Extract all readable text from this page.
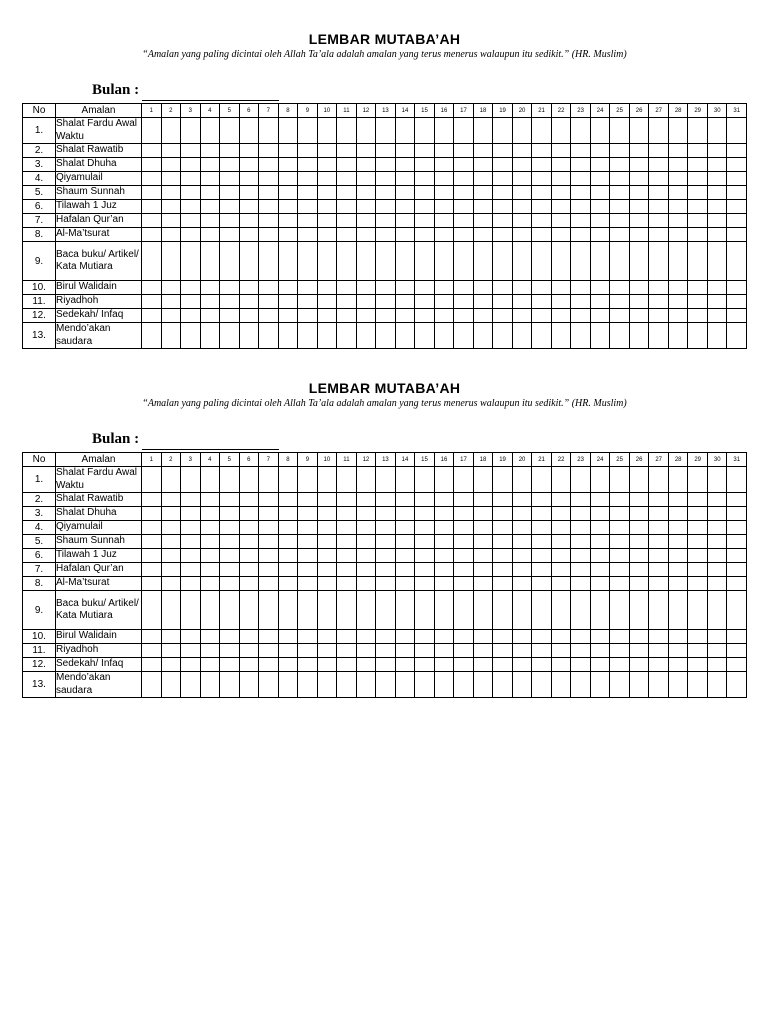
LEMBAR MUTABA’AH
“Amalan yang paling dicintai oleh Allah Ta’ala adalah amalan yang terus menerus walaupun itu sedikit.” (HR. Muslim)
Bulan :
No	Amalan	1	2	3	4	5	6	7	8	9	10	11	12	13	14	15	16	17	18	19	20	21	22	23	24	25	26	27	28	29	30	31
1.	Shalat Fardu Awal Waktu																															
2.	Shalat Rawatib																															
3.	Shalat Dhuha																															
4.	Qiyamulail																															
5.	Shaum Sunnah																															
6.	Tilawah 1 Juz																															
7.	Hafalan Qur’an																															
8.	Al-Ma’tsurat																															
9.	Baca buku/ Artikel/ Kata Mutiara																															
10.	Birul Walidain																															
11.	Riyadhoh																															
12.	Sedekah/ Infaq																															
13.	Mendo’akan saudara																															
LEMBAR MUTABA’AH
“Amalan yang paling dicintai oleh Allah Ta’ala adalah amalan yang terus menerus walaupun itu sedikit.” (HR. Muslim)
Bulan :
No	Amalan	1	2	3	4	5	6	7	8	9	10	11	12	13	14	15	16	17	18	19	20	21	22	23	24	25	26	27	28	29	30	31
1.	Shalat Fardu Awal Waktu																															
2.	Shalat Rawatib																															
3.	Shalat Dhuha																															
4.	Qiyamulail																															
5.	Shaum Sunnah																															
6.	Tilawah 1 Juz																															
7.	Hafalan Qur’an																															
8.	Al-Ma’tsurat																															
9.	Baca buku/ Artikel/ Kata Mutiara																															
10.	Birul Walidain																															
11.	Riyadhoh																															
12.	Sedekah/ Infaq																															
13.	Mendo’akan saudara																															
